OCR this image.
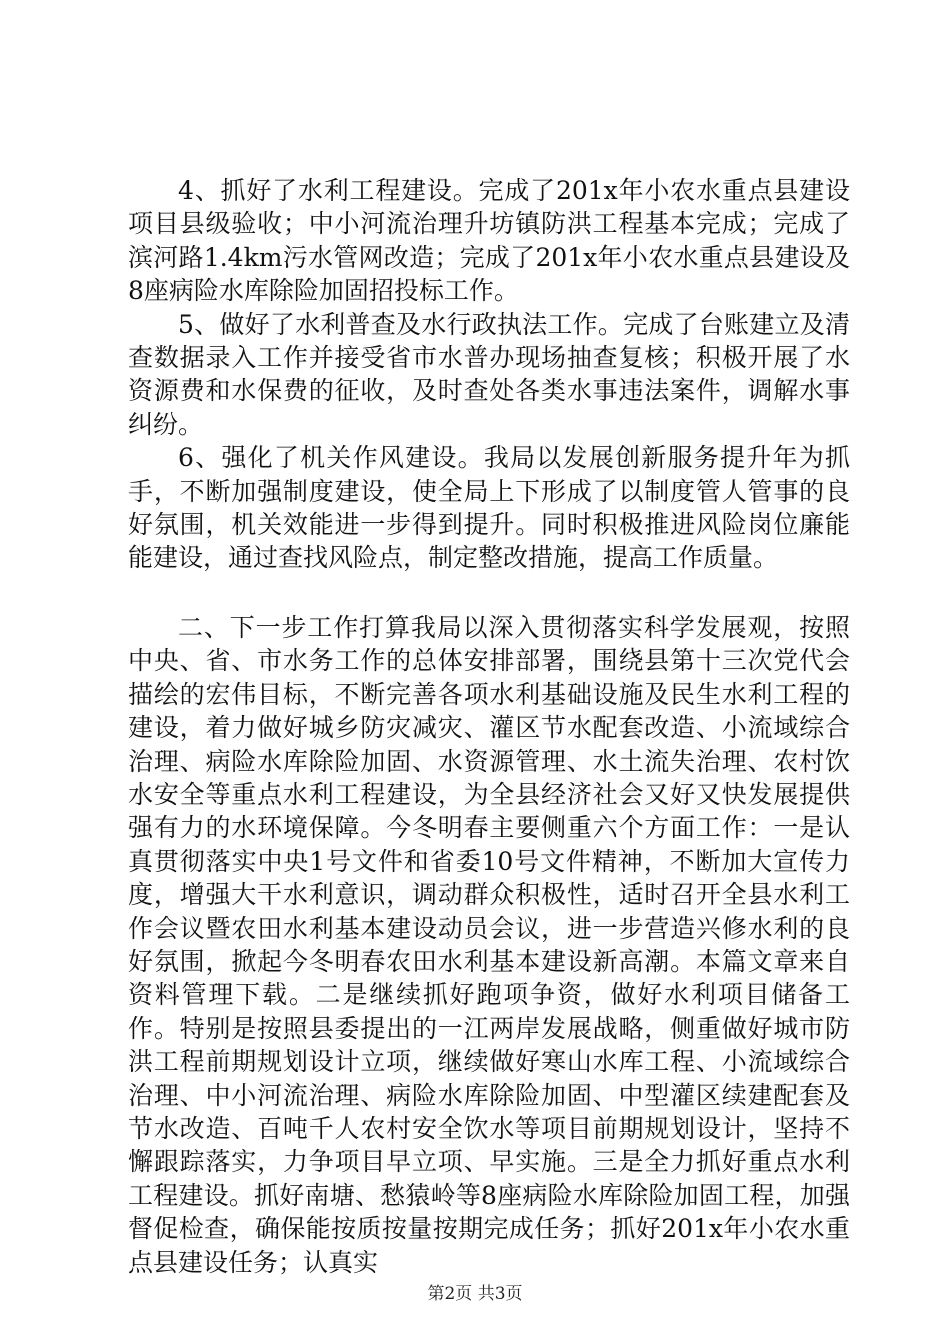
4、抓好了水利工程建设。完成了201x年小农水重点县建设项目县级验收；中小河流治理升坊镇防洪工程基本完成；完成了滨河路1.4km污水管网改造；完成了201x年小农水重点县建设及8座病险水库除险加固招投标工作。

5、做好了水利普查及水行政执法工作。完成了台账建立及清查数据录入工作并接受省市水普办现场抽查复核；积极开展了水资源费和水保费的征收，及时查处各类水事违法案件，调解水事纠纷。

6、强化了机关作风建设。我局以发展创新服务提升年为抓手，不断加强制度建设，使全局上下形成了以制度管人管事的良好氛围，机关效能进一步得到提升。同时积极推进风险岗位廉能能建设，通过查找风险点，制定整改措施，提高工作质量。

二、下一步工作打算我局以深入贯彻落实科学发展观，按照中央、省、市水务工作的总体安排部署，围绕县第十三次党代会描绘的宏伟目标，不断完善各项水利基础设施及民生水利工程的建设，着力做好城乡防灾减灾、灌区节水配套改造、小流域综合治理、病险水库除险加固、水资源管理、水土流失治理、农村饮水安全等重点水利工程建设，为全县经济社会又好又快发展提供强有力的水环境保障。今冬明春主要侧重六个方面工作：一是认真贯彻落实中央1号文件和省委10号文件精神，不断加大宣传力度，增强大干水利意识，调动群众积极性，适时召开全县水利工作会议暨农田水利基本建设动员会议，进一步营造兴修水利的良好氛围，掀起今冬明春农田水利基本建设新高潮。本篇文章来自资料管理下载。二是继续抓好跑项争资，做好水利项目储备工作。特别是按照县委提出的一江两岸发展战略，侧重做好城市防洪工程前期规划设计立项，继续做好寒山水库工程、小流域综合治理、中小河流治理、病险水库除险加固、中型灌区续建配套及节水改造、百吨千人农村安全饮水等项目前期规划设计，坚持不懈跟踪落实，力争项目早立项、早实施。三是全力抓好重点水利工程建设。抓好南塘、愁猿岭等8座病险水库除险加固工程，加强督促检查，确保能按质按量按期完成任务；抓好201x年小农水重点县建设任务；认真实

第2页 共3页
